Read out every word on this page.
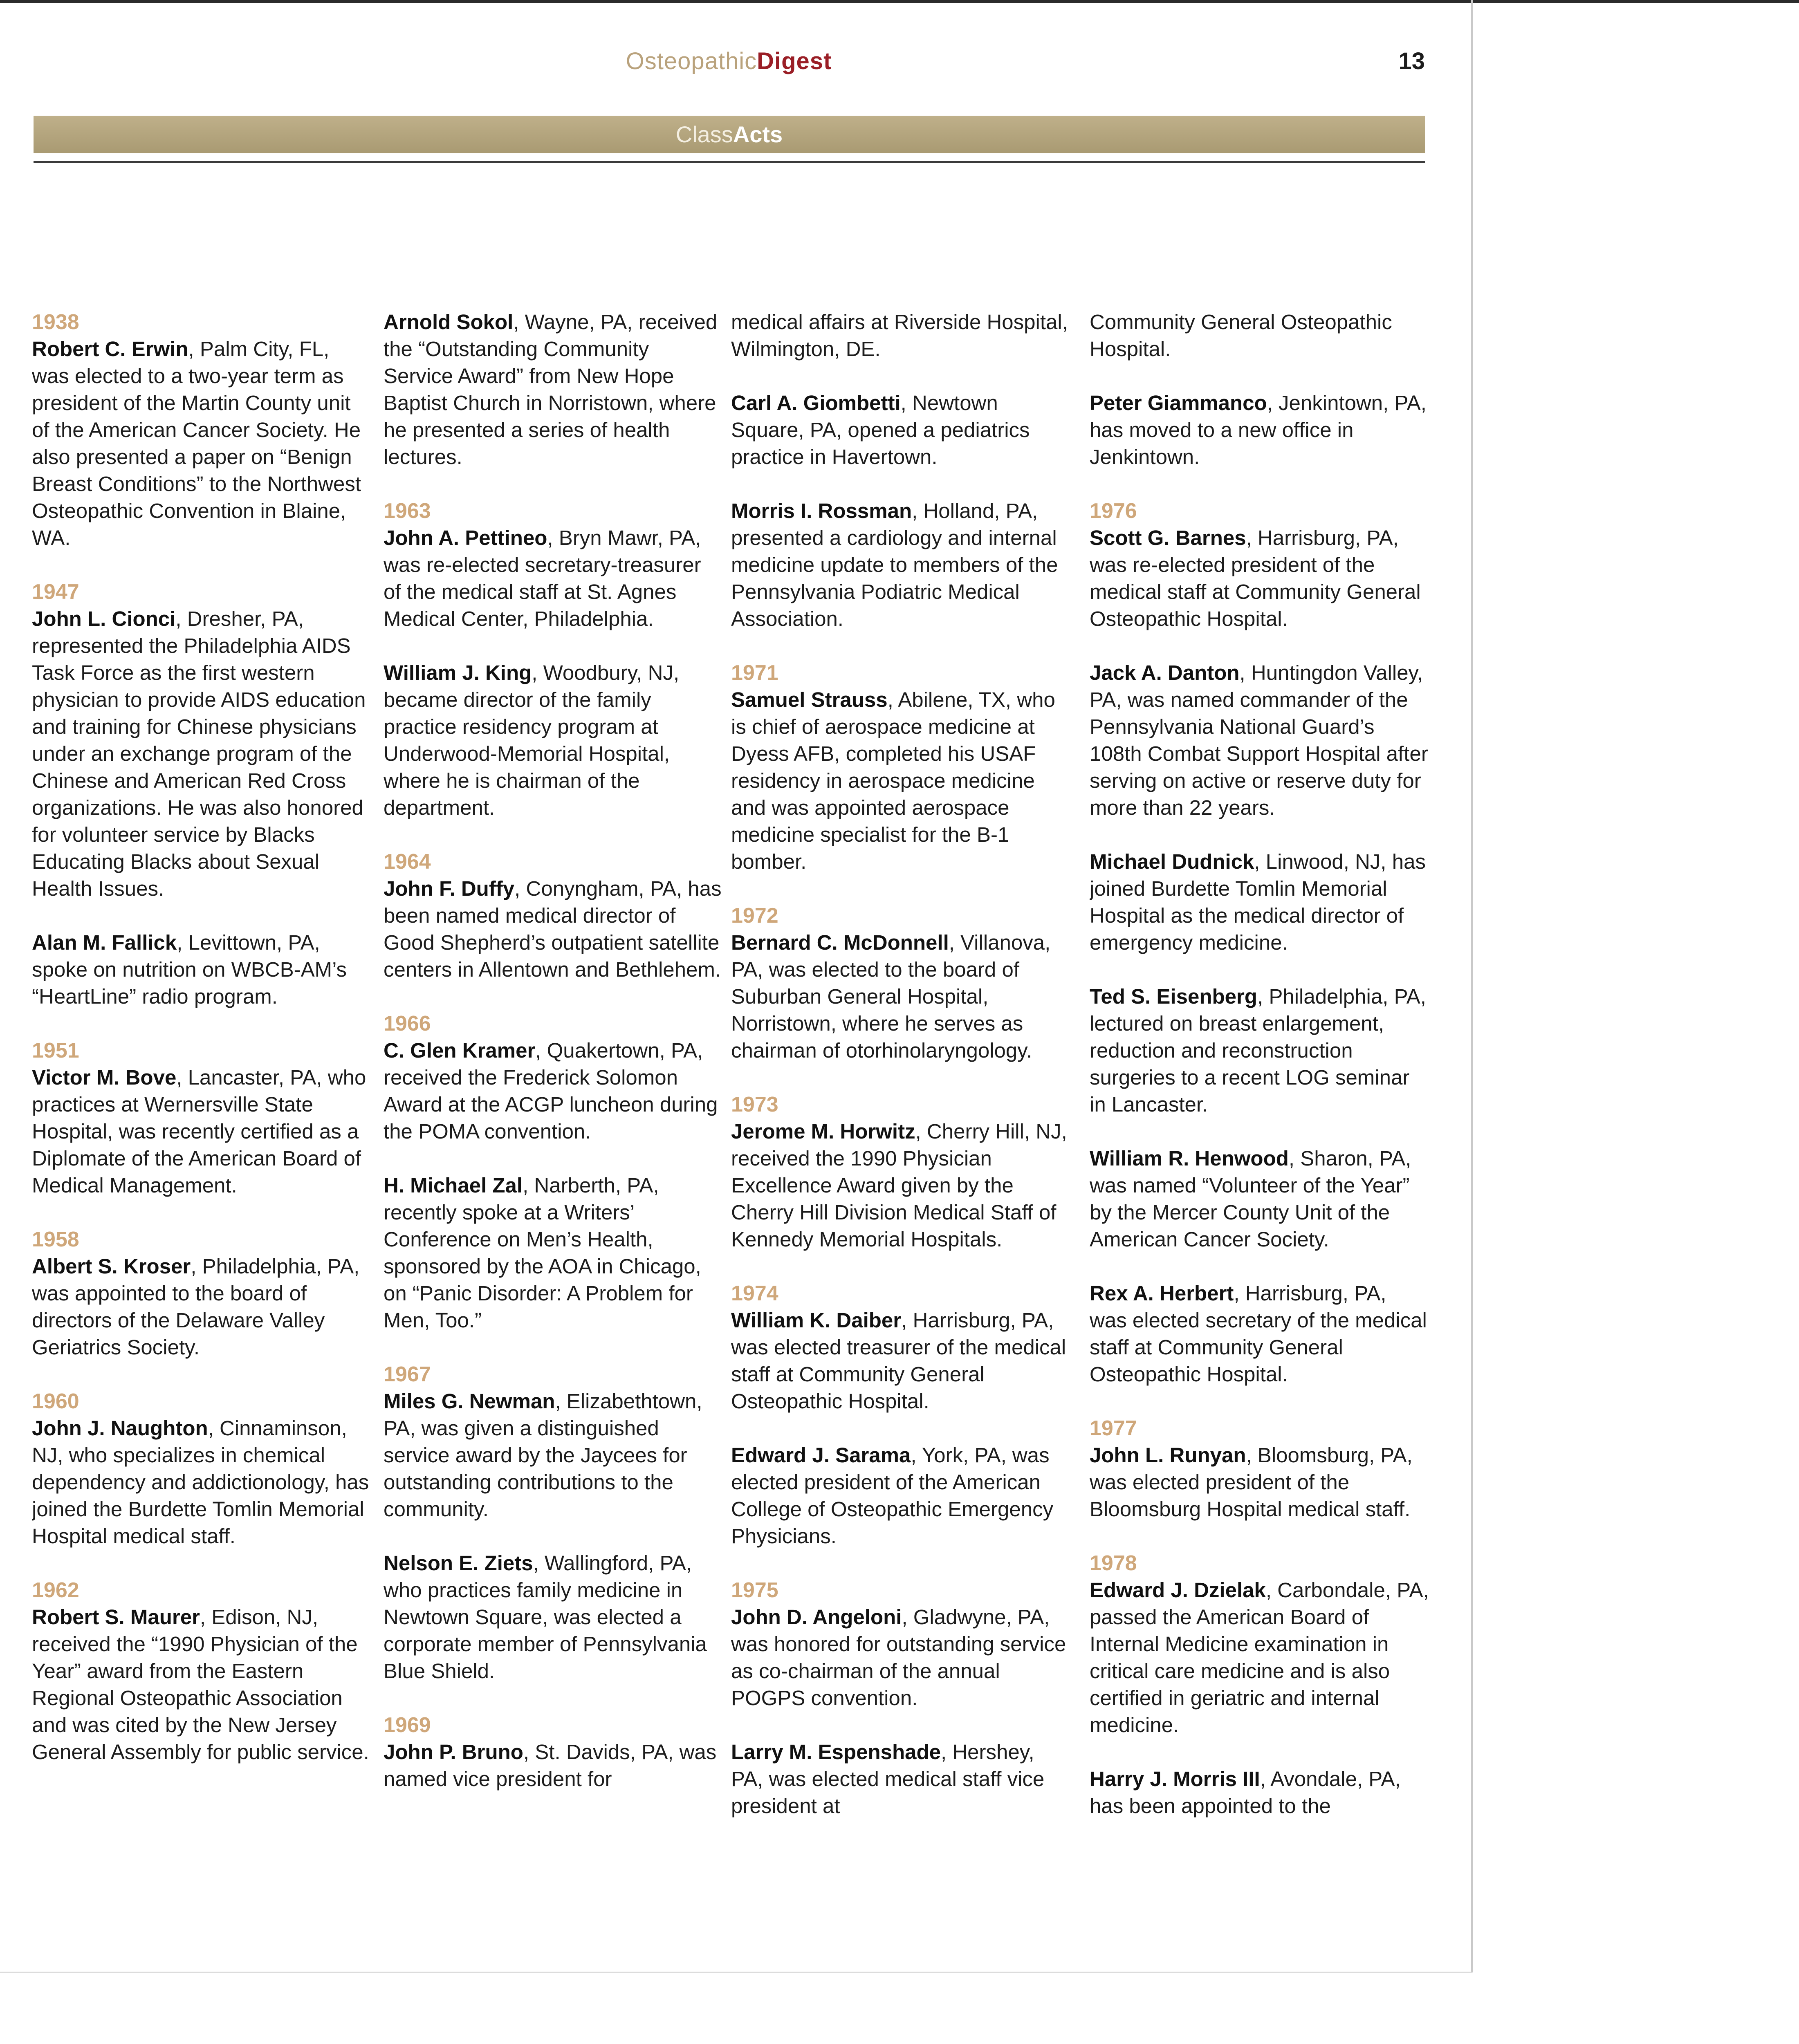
OsteopathicDigest	13
ClassActs
1938

Robert C. Erwin, Palm City, FL, was elected to a two-year term as president of the Martin County unit of the American Cancer Society. He also presented a paper on “Benign Breast Conditions” to the Northwest Osteopathic Convention in Blaine, WA.

1947

John L. Cionci, Dresher, PA, represented the Philadelphia AIDS Task Force as the first western physician to provide AIDS education and training for Chinese physicians under an exchange program of the Chinese and American Red Cross organizations. He was also honored for volunteer service by Blacks Educating Blacks about Sexual Health Issues.

Alan M. Fallick, Levittown, PA, spoke on nutrition on WBCB-AM’s “HeartLine” radio program.

1951

Victor M. Bove, Lancaster, PA, who practices at Wernersville State Hospital, was recently certified as a Diplomate of the American Board of Medical Management.

1958

Albert S. Kroser, Philadelphia, PA, was appointed to the board of directors of the Delaware Valley Geriatrics Society.

1960

John J. Naughton, Cinnaminson, NJ, who specializes in chemical dependency and addictionology, has joined the Burdette Tomlin Memorial Hospital medical staff.

1962

Robert S. Maurer, Edison, NJ, received the “1990 Physician of the Year” award from the Eastern Regional Osteopathic Association and was cited by the New Jersey General Assembly for public service.

Arnold Sokol, Wayne, PA, received the “Outstanding Community Service Award” from New Hope Baptist Church in Norristown, where he presented a series of health lectures.

1963

John A. Pettineo, Bryn Mawr, PA, was re-elected secretary-treasurer of the medical staff at St. Agnes Medical Center, Philadelphia.

William J. King, Woodbury, NJ, became director of the family practice residency program at Underwood-Memorial Hospital, where he is chairman of the department.

1964

John F. Duffy, Conyngham, PA, has been named medical director of Good Shepherd’s outpatient satellite centers in Allentown and Bethlehem.

1966

C. Glen Kramer, Quakertown, PA, received the Frederick Solomon Award at the ACGP luncheon during the POMA convention.

H. Michael Zal, Narberth, PA, recently spoke at a Writers’ Conference on Men’s Health, sponsored by the AOA in Chicago, on “Panic Disorder: A Problem for Men, Too.”

1967

Miles G. Newman, Elizabethtown, PA, was given a distinguished service award by the Jaycees for outstanding contributions to the community.

Nelson E. Ziets, Wallingford, PA, who practices family medicine in Newtown Square, was elected a corporate member of Pennsylvania Blue Shield.

1969

John P. Bruno, St. Davids, PA, was named vice president for

medical affairs at Riverside Hospital, Wilmington, DE.

Carl A. Giombetti, Newtown Square, PA, opened a pediatrics practice in Havertown.

Morris I. Rossman, Holland, PA, presented a cardiology and internal medicine update to members of the Pennsylvania Podiatric Medical Association.

1971

Samuel Strauss, Abilene, TX, who is chief of aerospace medicine at Dyess AFB, completed his USAF residency in aerospace medicine and was appointed aerospace medicine specialist for the B-1 bomber.

1972

Bernard C. McDonnell, Villanova, PA, was elected to the board of Suburban General Hospital, Norristown, where he serves as chairman of otorhinolaryngology.

1973

Jerome M. Horwitz, Cherry Hill, NJ, received the 1990 Physician Excellence Award given by the Cherry Hill Division Medical Staff of Kennedy Memorial Hospitals.

1974

William K. Daiber, Harrisburg, PA, was elected treasurer of the medical staff at Community General Osteopathic Hospital.

Edward J. Sarama, York, PA, was elected president of the American College of Osteopathic Emergency Physicians.

1975

John D. Angeloni, Gladwyne, PA, was honored for outstanding service as co-chairman of the annual POGPS convention.

Larry M. Espenshade, Hershey, PA, was elected medical staff vice president at

Community General Osteopathic Hospital.

Peter Giammanco, Jenkintown, PA, has moved to a new office in Jenkintown.

1976

Scott G. Barnes, Harrisburg, PA, was re-elected president of the medical staff at Community General Osteopathic Hospital.

Jack A. Danton, Huntingdon Valley, PA, was named commander of the Pennsylvania National Guard’s 108th Combat Support Hospital after serving on active or reserve duty for more than 22 years.

Michael Dudnick, Linwood, NJ, has joined Burdette Tomlin Memorial Hospital as the medical director of emergency medicine.

Ted S. Eisenberg, Philadelphia, PA, lectured on breast enlargement, reduction and reconstruction surgeries to a recent LOG seminar in Lancaster.

William R. Henwood, Sharon, PA, was named “Volunteer of the Year” by the Mercer County Unit of the American Cancer Society.

Rex A. Herbert, Harrisburg, PA, was elected secretary of the medical staff at Community General Osteopathic Hospital.

1977

John L. Runyan, Bloomsburg, PA, was elected president of the Bloomsburg Hospital medical staff.

1978

Edward J. Dzielak, Carbondale, PA, passed the American Board of Internal Medicine examination in critical care medicine and is also certified in geriatric and internal medicine.

Harry J. Morris III, Avondale, PA, has been appointed to the
